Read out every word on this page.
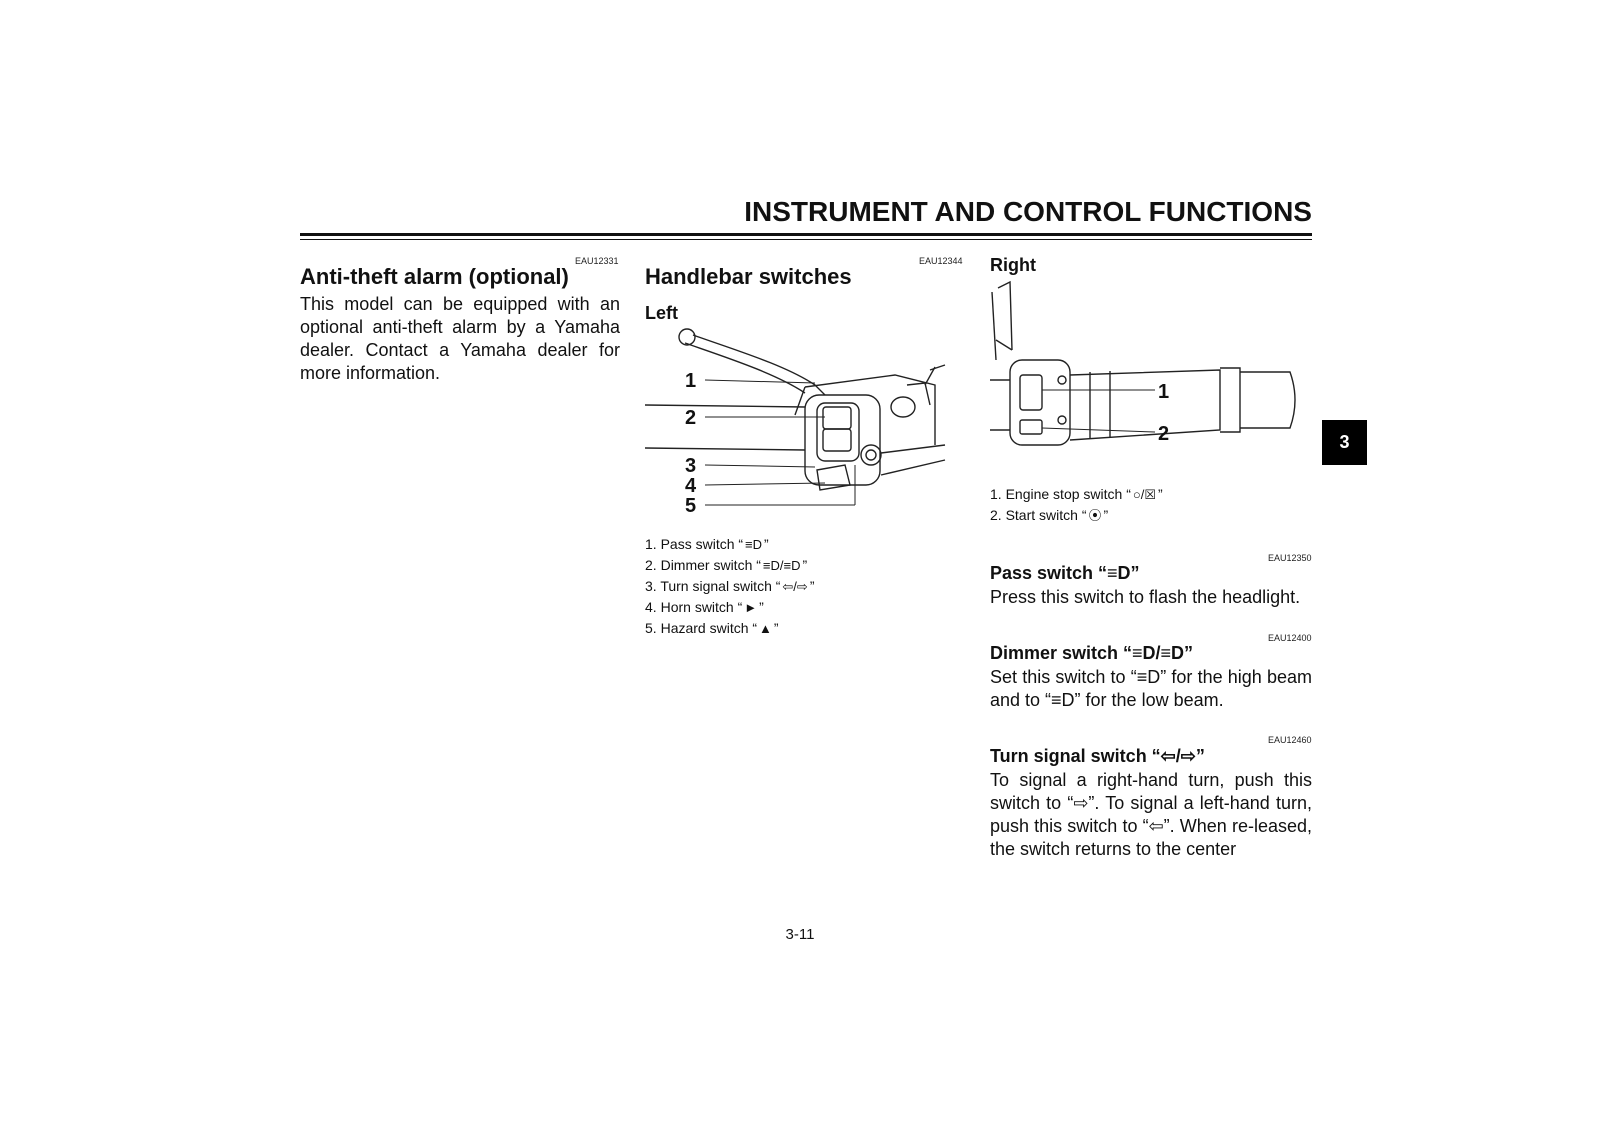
INSTRUMENT AND CONTROL FUNCTIONS
EAU12331
Anti-theft alarm (optional)
This model can be equipped with an optional anti-theft alarm by a Yamaha dealer. Contact a Yamaha dealer for more information.
EAU12344
Handlebar switches
Left
1
2
3
4
5
1. Pass switch “ ≡D ”
2. Dimmer switch “ ≡D/≡D ”
3. Turn signal switch “ ⇦/⇨ ”
4. Horn switch “ ► ”
5. Hazard switch “ ▲ ”
Right
1
2
1. Engine stop switch “ ○/☒ ”
2. Start switch “ ⦿ ”
EAU12350
Pass switch “≡D”
Press this switch to flash the headlight.
EAU12400
Dimmer switch “≡D/≡D”
Set this switch to “≡D” for the high beam and to “≡D” for the low beam.
EAU12460
Turn signal switch “⇦/⇨”
To signal a right-hand turn, push this switch to “⇨”. To signal a left-hand turn, push this switch to “⇦”. When re-leased, the switch returns to the center
3
3-11
